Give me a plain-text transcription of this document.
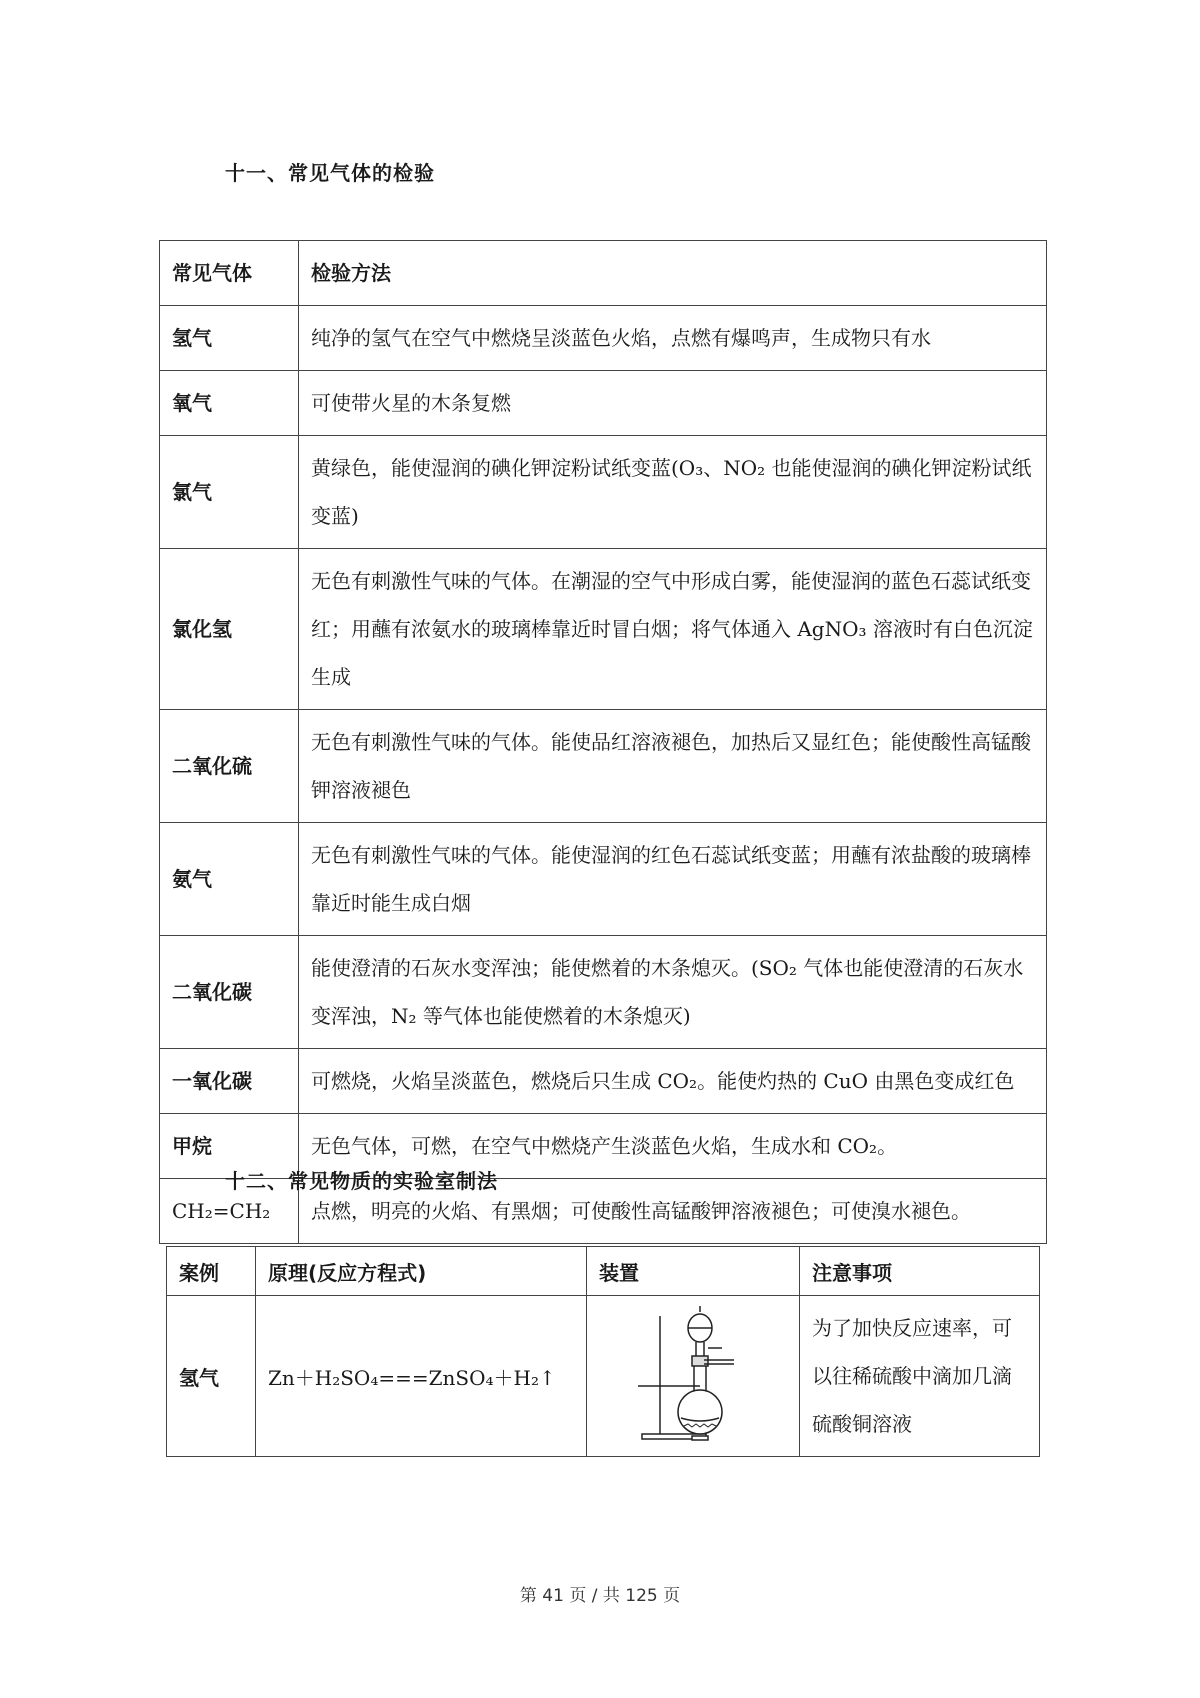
十一、常见气体的检验
常见气体	检验方法
氢气	纯净的氢气在空气中燃烧呈淡蓝色火焰，点燃有爆鸣声，生成物只有水
氧气	可使带火星的木条复燃
氯气	黄绿色，能使湿润的碘化钾淀粉试纸变蓝(O₃、NO₂ 也能使湿润的碘化钾淀粉试纸变蓝)
氯化氢	无色有刺激性气味的气体。在潮湿的空气中形成白雾，能使湿润的蓝色石蕊试纸变红；用蘸有浓氨水的玻璃棒靠近时冒白烟；将气体通入 AgNO₃ 溶液时有白色沉淀生成
二氧化硫	无色有刺激性气味的气体。能使品红溶液褪色，加热后又显红色；能使酸性高锰酸钾溶液褪色
氨气	无色有刺激性气味的气体。能使湿润的红色石蕊试纸变蓝；用蘸有浓盐酸的玻璃棒靠近时能生成白烟
二氧化碳	能使澄清的石灰水变浑浊；能使燃着的木条熄灭。(SO₂ 气体也能使澄清的石灰水变浑浊，N₂ 等气体也能使燃着的木条熄灭)
一氧化碳	可燃烧，火焰呈淡蓝色，燃烧后只生成 CO₂。能使灼热的 CuO 由黑色变成红色
甲烷	无色气体，可燃，在空气中燃烧产生淡蓝色火焰，生成水和 CO₂。
CH₂=CH₂	点燃，明亮的火焰、有黑烟；可使酸性高锰酸钾溶液褪色；可使溴水褪色。
十二、常见物质的实验室制法
案例	原理(反应方程式)	装置	注意事项
氢气	Zn＋H₂SO₄===ZnSO₄＋H₂↑		为了加快反应速率，可以往稀硫酸中滴加几滴硫酸铜溶液
第 41 页 / 共 125 页
